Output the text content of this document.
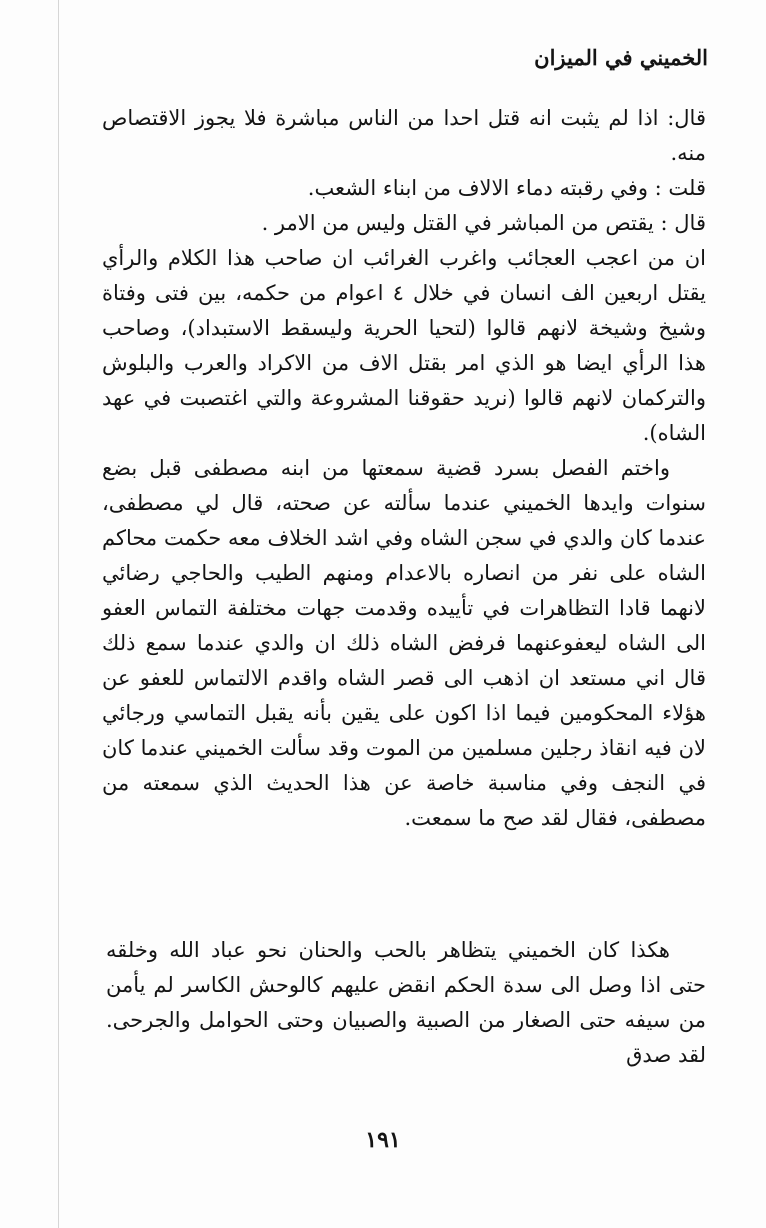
الخميني في الميزان

قال: اذا لم يثبت انه قتل احدا من الناس مباشرة فلا يجوز الاقتصاص منه.

قلت : وفي رقبته دماء الالاف من ابناء الشعب.

قال : يقتص من المباشر في القتل وليس من الامر .

ان من اعجب العجائب واغرب الغرائب ان صاحب هذا الكلام والرأي يقتل اربعين الف انسان في خلال ٤ اعوام من حكمه، بين فتى وفتاة وشيخ وشيخة لانهم قالوا (لتحيا الحرية وليسقط الاستبداد)، وصاحب هذا الرأي ايضا هو الذي امر بقتل الاف من الاكراد والعرب والبلوش والتركمان لانهم قالوا (نريد حقوقنا المشروعة والتي اغتصبت في عهد الشاه).

واختم الفصل بسرد قضية سمعتها من ابنه مصطفى قبل بضع سنوات وايدها الخميني عندما سألته عن صحته، قال لي مصطفى، عندما كان والدي في سجن الشاه وفي اشد الخلاف معه حكمت محاكم الشاه على نفر من انصاره بالاعدام ومنهم الطيب والحاجي رضائي لانهما قادا التظاهرات في تأييده وقدمت جهات مختلفة التماس العفو الى الشاه ليعفوعنهما فرفض الشاه ذلك ان والدي عندما سمع ذلك قال اني مستعد ان اذهب الى قصر الشاه واقدم الالتماس للعفو عن هؤلاء المحكومين فيما اذا اكون على يقين بأنه يقبل التماسي ورجائي لان فيه انقاذ رجلين مسلمين من الموت وقد سألت الخميني عندما كان في النجف وفي مناسبة خاصة عن هذا الحديث الذي سمعته من مصطفى، فقال لقد صح ما سمعت.

هكذا كان الخميني يتظاهر بالحب والحنان نحو عباد الله وخلقه حتى اذا وصل الى سدة الحكم انقض عليهم كالوحش الكاسر لم يأمن من سيفه حتى الصغار من الصبية والصبيان وحتى الحوامل والجرحى. لقد صدق

١٩١
